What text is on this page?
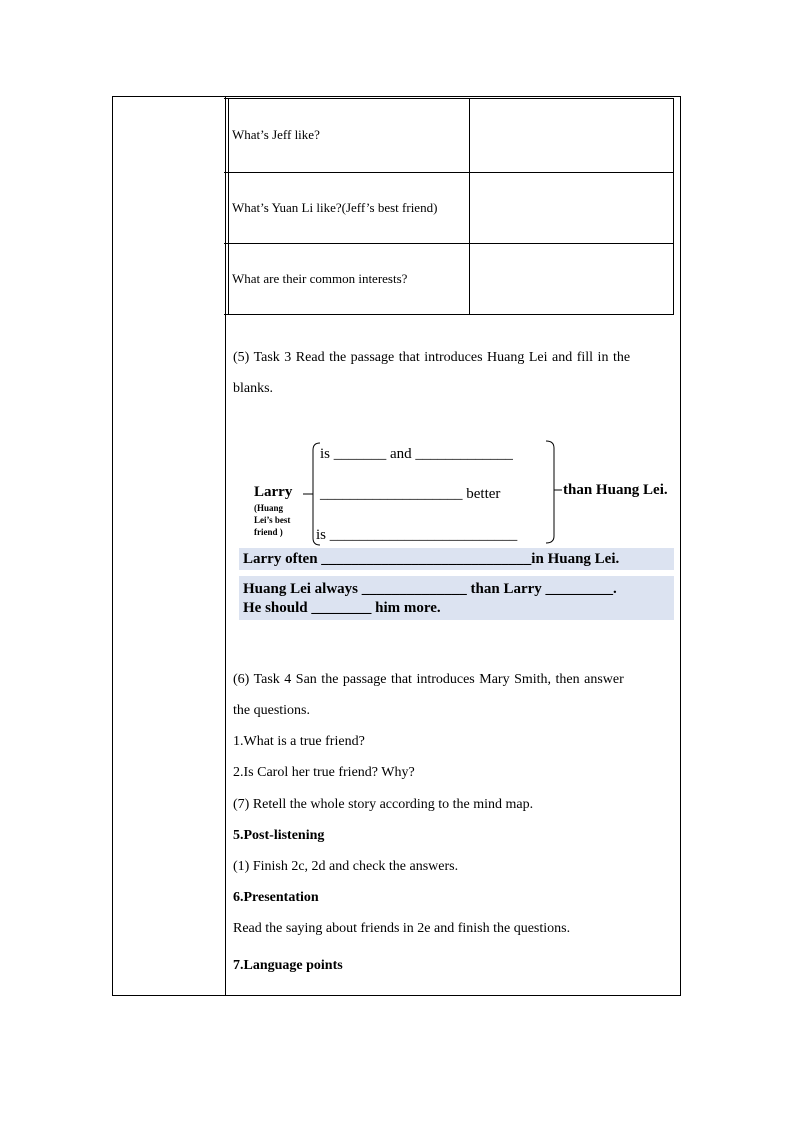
What’s Jeff like?
What’s Yuan Li like?(Jeff’s best friend)
What are their common interests?
(5) Task 3 Read the passage that introduces Huang Lei and fill in the
blanks.
Larry
(Huang
Lei’s best
friend )
is _______ and _____________
___________________ better
is _________________________
than Huang Lei.
Larry often ____________________________in Huang Lei.
Huang Lei always ______________ than Larry _________.
He should ________ him more.
(6) Task 4 San the passage that introduces Mary Smith, then answer
the questions.
1.What is a true friend?
2.Is Carol her true friend? Why?
(7) Retell the whole story according to the mind map.
5.Post-listening
(1) Finish 2c, 2d and check the answers.
6.Presentation
Read the saying about friends in 2e and finish the questions.
7.Language points
